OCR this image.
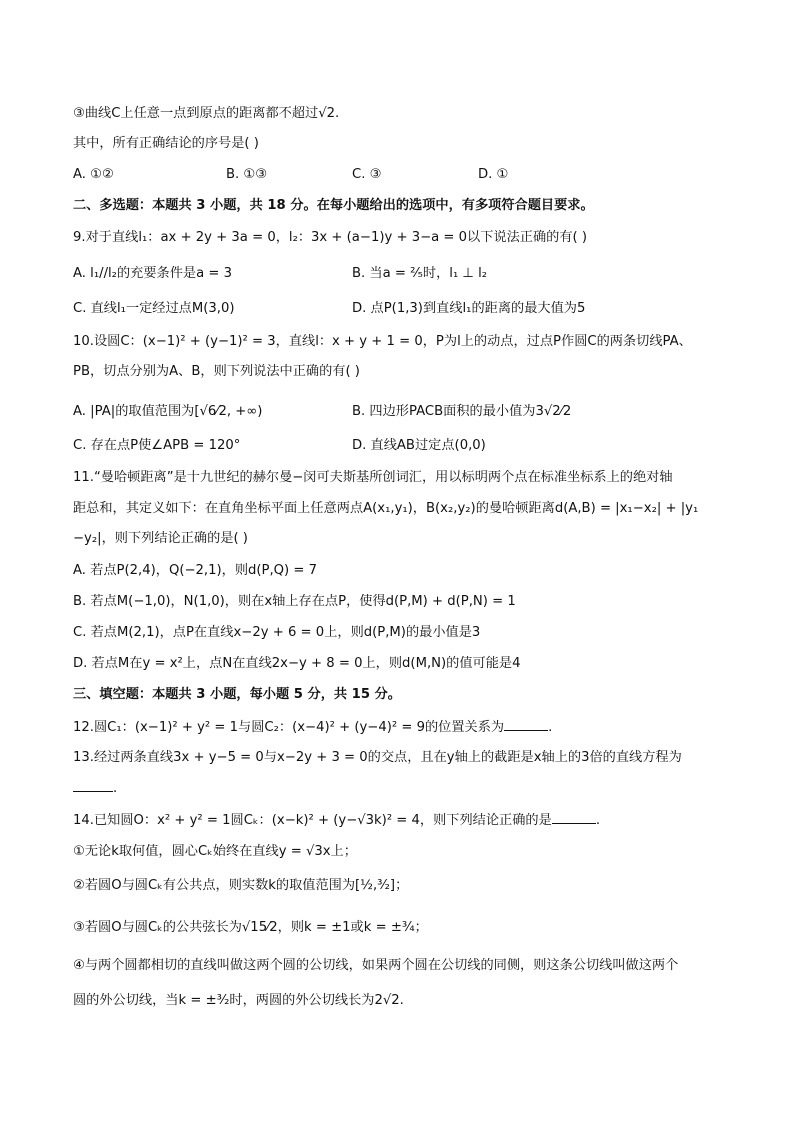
③曲线C上任意一点到原点的距离都不超过√2.
其中，所有正确结论的序号是( )
A. ①②	B. ①③	C. ③	D. ①
二、多选题：本题共 3 小题，共 18 分。在每小题给出的选项中，有多项符合题目要求。
9.对于直线l₁：ax + 2y + 3a = 0，l₂：3x + (a−1)y + 3−a = 0以下说法正确的有( )
A. l₁//l₂的充要条件是a = 3	B. 当a = ²⁄₅时，l₁ ⊥ l₂
C. 直线l₁一定经过点M(3,0)	D. 点P(1,3)到直线l₁的距离的最大值为5
10.设圆C：(x−1)² + (y−1)² = 3，直线l：x + y + 1 = 0，P为l上的动点，过点P作圆C的两条切线PA、
PB，切点分别为A、B，则下列说法中正确的有( )
A. |PA|的取值范围为[√6⁄2, +∞)	B. 四边形PACB面积的最小值为3√2⁄2
C. 存在点P使∠APB = 120°	D. 直线AB过定点(0,0)
11.“曼哈顿距离”是十九世纪的赫尔曼−闵可夫斯基所创词汇，用以标明两个点在标准坐标系上的绝对轴
距总和，其定义如下：在直角坐标平面上任意两点A(x₁,y₁)，B(x₂,y₂)的曼哈顿距离d(A,B) = |x₁−x₂| + |y₁
−y₂|，则下列结论正确的是( )
A. 若点P(2,4)，Q(−2,1)，则d(P,Q) = 7
B. 若点M(−1,0)，N(1,0)，则在x轴上存在点P，使得d(P,M) + d(P,N) = 1
C. 若点M(2,1)，点P在直线x−2y + 6 = 0上，则d(P,M)的最小值是3
D. 若点M在y = x²上，点N在直线2x−y + 8 = 0上，则d(M,N)的值可能是4
三、填空题：本题共 3 小题，每小题 5 分，共 15 分。
12.圆C₁：(x−1)² + y² = 1与圆C₂：(x−4)² + (y−4)² = 9的位置关系为	.
13.经过两条直线3x + y−5 = 0与x−2y + 3 = 0的交点，且在y轴上的截距是x轴上的3倍的直线方程为
.
14.已知圆O：x² + y² = 1圆Cₖ：(x−k)² + (y−√3k)² = 4，则下列结论正确的是	.
①无论k取何值，圆心Cₖ始终在直线y = √3x上；
②若圆O与圆Cₖ有公共点，则实数k的取值范围为[½,³⁄₂]；
③若圆O与圆Cₖ的公共弦长为√15⁄2，则k = ±1或k = ±¾；
④与两个圆都相切的直线叫做这两个圆的公切线，如果两个圆在公切线的同侧，则这条公切线叫做这两个
圆的外公切线，当k = ±³⁄₂时，两圆的外公切线长为2√2.
